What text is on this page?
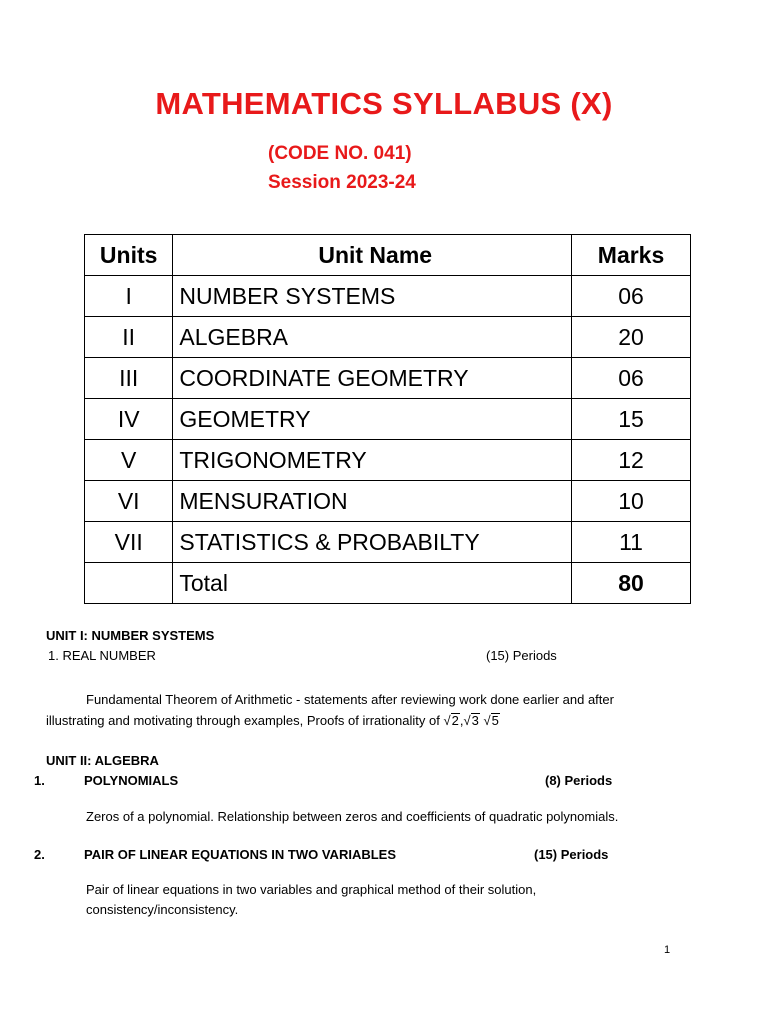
MATHEMATICS SYLLABUS (X)
(CODE NO. 041)
Session 2023-24
Units	Unit Name	Marks
I	NUMBER SYSTEMS	06
II	ALGEBRA	20
III	COORDINATE GEOMETRY	06
IV	GEOMETRY	15
V	TRIGONOMETRY	12
VI	MENSURATION	10
VII	STATISTICS & PROBABILTY	11
	Total	80
UNIT I: NUMBER SYSTEMS
1. REAL NUMBER	(15) Periods
Fundamental Theorem of Arithmetic - statements after reviewing work done earlier and after
illustrating and motivating through examples, Proofs of irrationality of √2,√3 √5
UNIT II: ALGEBRA
1.	POLYNOMIALS	(8) Periods
Zeros of a polynomial. Relationship between zeros and coefficients of quadratic polynomials.
2.	PAIR OF LINEAR EQUATIONS IN TWO VARIABLES	(15) Periods
Pair of linear equations in two variables and graphical method of their solution,
consistency/inconsistency.
1
